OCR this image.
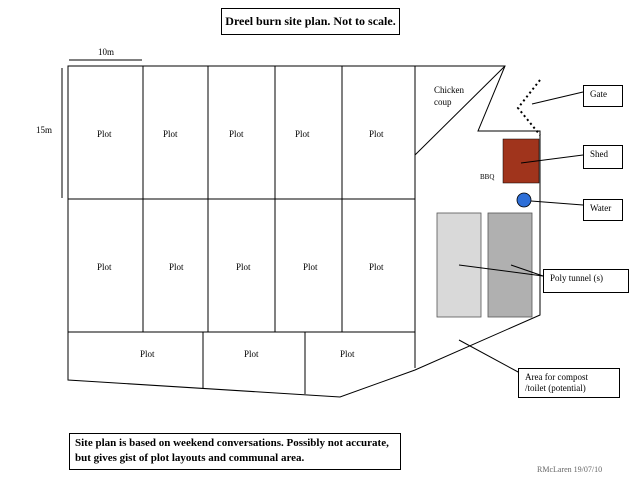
Dreel burn site plan. Not to scale.
10m
15m	Plot	Plot	Plot	Plot	Plot
Plot	Plot	Plot	Plot	Plot
Plot	Plot	Plot
Chicken
coup
BBQ
Gate
Shed
Water
Poly tunnel (s)
Area for compost
/toilet (potential)
Site plan is based on weekend conversations. Possibly not accurate, but gives gist of plot layouts and communal area.
RMcLaren 19/07/10
